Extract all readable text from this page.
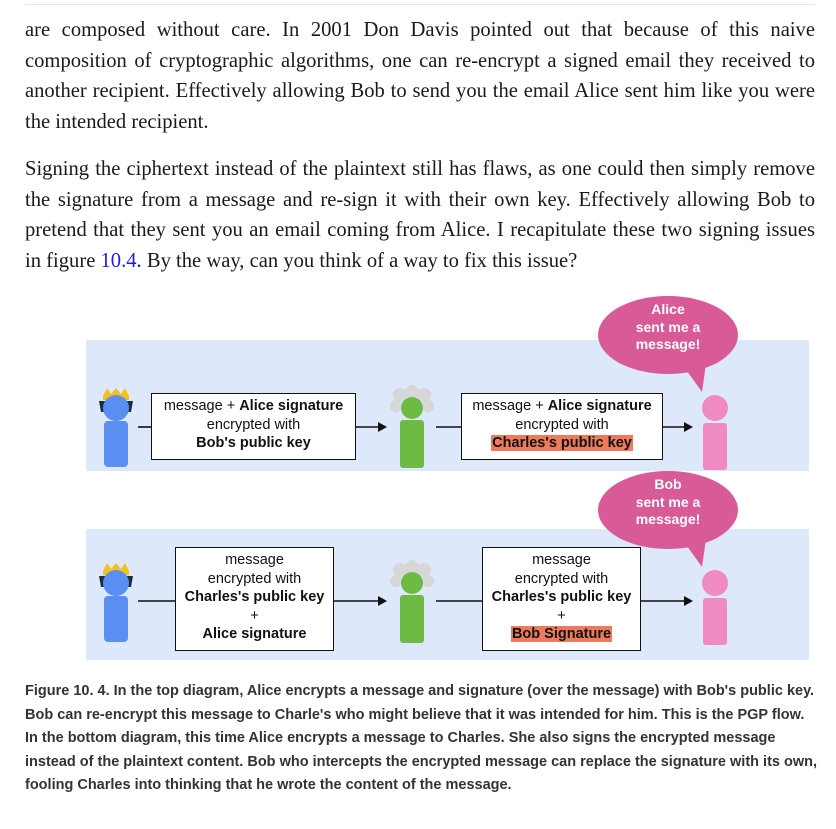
are composed without care. In 2001 Don Davis pointed out that because of this naive composition of cryptographic algorithms, one can re-encrypt a signed email they received to another recipient. Effectively allowing Bob to send you the email Alice sent him like you were the intended recipient.

Signing the ciphertext instead of the plaintext still has flaws, as one could then simply remove the signature from a message and re-sign it with their own key. Effectively allowing Bob to pretend that they sent you an email coming from Alice. I recapitulate these two signing issues in figure 10.4. By the way, can you think of a way to fix this issue?

message + Alice signature
encrypted with
Bob's public key
message + Alice signature
encrypted with
Charles's public key
Alice
sent me a
message!
message
encrypted with
Charles's public key
+
Alice signature
message
encrypted with
Charles's public key
+
Bob Signature
Bob
sent me a
message!

Figure 10. 4. In the top diagram, Alice encrypts a message and signature (over the message) with Bob's public key. Bob can re-encrypt this message to Charle's who might believe that it was intended for him. This is the PGP flow. In the bottom diagram, this time Alice encrypts a message to Charles. She also signs the encrypted message instead of the plaintext content. Bob who intercepts the encrypted message can replace the signature with its own, fooling Charles into thinking that he wrote the content of the message.
